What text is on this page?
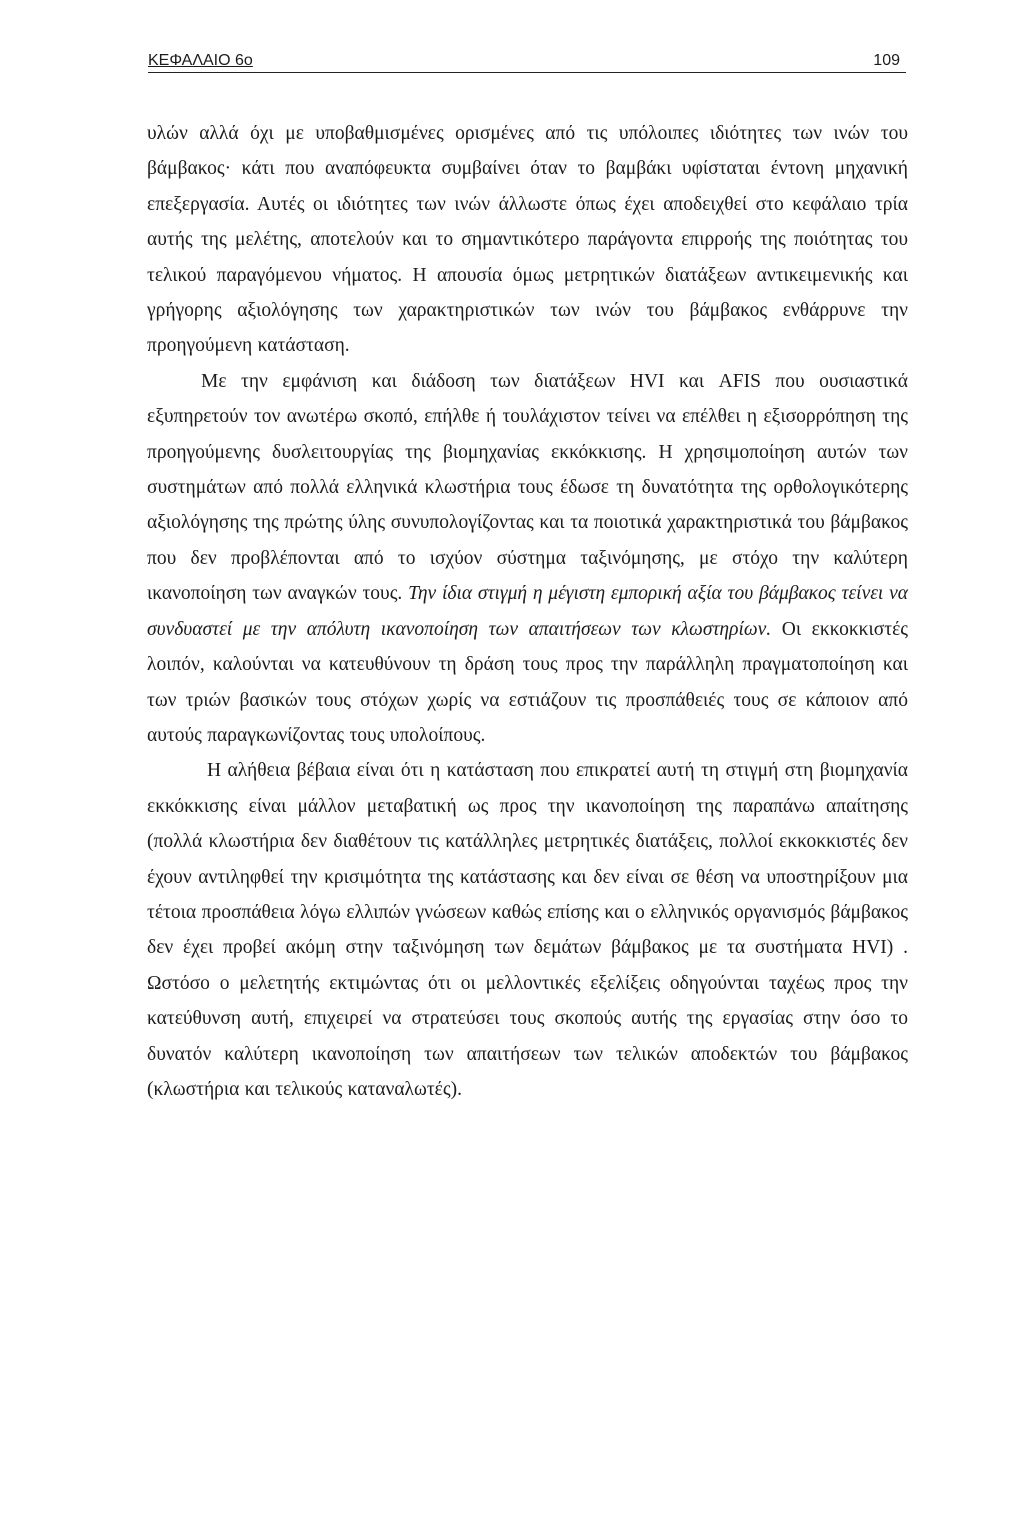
ΚΕΦΑΛΑΙΟ 6ο	109

υλών αλλά όχι με υποβαθμισμένες ορισμένες από τις υπόλοιπες ιδιότητες των ινών του βάμβακος· κάτι που αναπόφευκτα συμβαίνει όταν το βαμβάκι υφίσταται έντονη μηχανική επεξεργασία. Αυτές οι ιδιότητες των ινών άλλωστε όπως έχει αποδειχθεί στο κεφάλαιο τρία αυτής της μελέτης, αποτελούν και το σημαντικότερο παράγοντα επιρροής της ποιότητας του τελικού παραγόμενου νήματος. Η απουσία όμως μετρητικών διατάξεων αντικειμενικής και γρήγορης αξιολόγησης των χαρακτηριστικών των ινών του βάμβακος ενθάρρυνε την προηγούμενη κατάσταση.

Με την εμφάνιση και διάδοση των διατάξεων HVI και AFIS που ουσιαστικά εξυπηρετούν τον ανωτέρω σκοπό, επήλθε ή τουλάχιστον τείνει να επέλθει η εξισορρόπηση της προηγούμενης δυσλειτουργίας της βιομηχανίας εκκόκκισης. Η χρησιμοποίηση αυτών των συστημάτων από πολλά ελληνικά κλωστήρια τους έδωσε τη δυνατότητα της ορθολογικότερης αξιολόγησης της πρώτης ύλης συνυπολογίζοντας και τα ποιοτικά χαρακτηριστικά του βάμβακος που δεν προβλέπονται από το ισχύον σύστημα ταξινόμησης, με στόχο την καλύτερη ικανοποίηση των αναγκών τους. Την ίδια στιγμή η μέγιστη εμπορική αξία του βάμβακος τείνει να συνδυαστεί με την απόλυτη ικανοποίηση των απαιτήσεων των κλωστηρίων. Οι εκκοκκιστές λοιπόν, καλούνται να κατευθύνουν τη δράση τους προς την παράλληλη πραγματοποίηση και των τριών βασικών τους στόχων χωρίς να εστιάζουν τις προσπάθειές τους σε κάποιον από αυτούς παραγκωνίζοντας τους υπολοίπους.

Η αλήθεια βέβαια είναι ότι η κατάσταση που επικρατεί αυτή τη στιγμή στη βιομηχανία εκκόκκισης είναι μάλλον μεταβατική ως προς την ικανοποίηση της παραπάνω απαίτησης (πολλά κλωστήρια δεν διαθέτουν τις κατάλληλες μετρητικές διατάξεις, πολλοί εκκοκκιστές δεν έχουν αντιληφθεί την κρισιμότητα της κατάστασης και δεν είναι σε θέση να υποστηρίξουν μια τέτοια προσπάθεια λόγω ελλιπών γνώσεων καθώς επίσης και ο ελληνικός οργανισμός βάμβακος δεν έχει προβεί ακόμη στην ταξινόμηση των δεμάτων βάμβακος με τα συστήματα HVI) . Ωστόσο ο μελετητής εκτιμώντας ότι οι μελλοντικές εξελίξεις οδηγούνται ταχέως προς την κατεύθυνση αυτή, επιχειρεί να στρατεύσει τους σκοπούς αυτής της εργασίας στην όσο το δυνατόν καλύτερη ικανοποίηση των απαιτήσεων των τελικών αποδεκτών του βάμβακος (κλωστήρια και τελικούς καταναλωτές).
